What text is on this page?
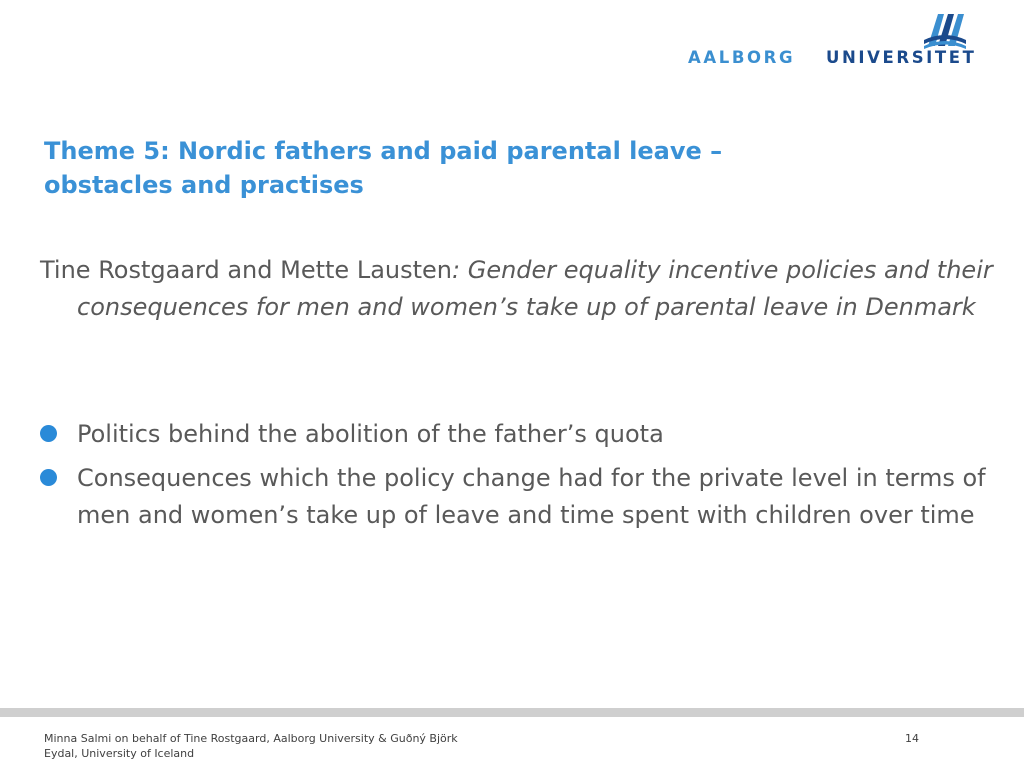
AALBORG UNIVERSITET
Theme 5: Nordic fathers and paid parental leave –
obstacles and practises

Tine Rostgaard and Mette Lausten: Gender equality incentive policies and their consequences for men and women’s take up of parental leave in Denmark

Politics behind the abolition of the father’s quota
Consequences which the policy change had for the private level in terms of men and women’s take up of leave and time spent with children over time
Minna Salmi on behalf of Tine Rostgaard, Aalborg University & Guðný Björk
Eydal, University of Iceland
14
